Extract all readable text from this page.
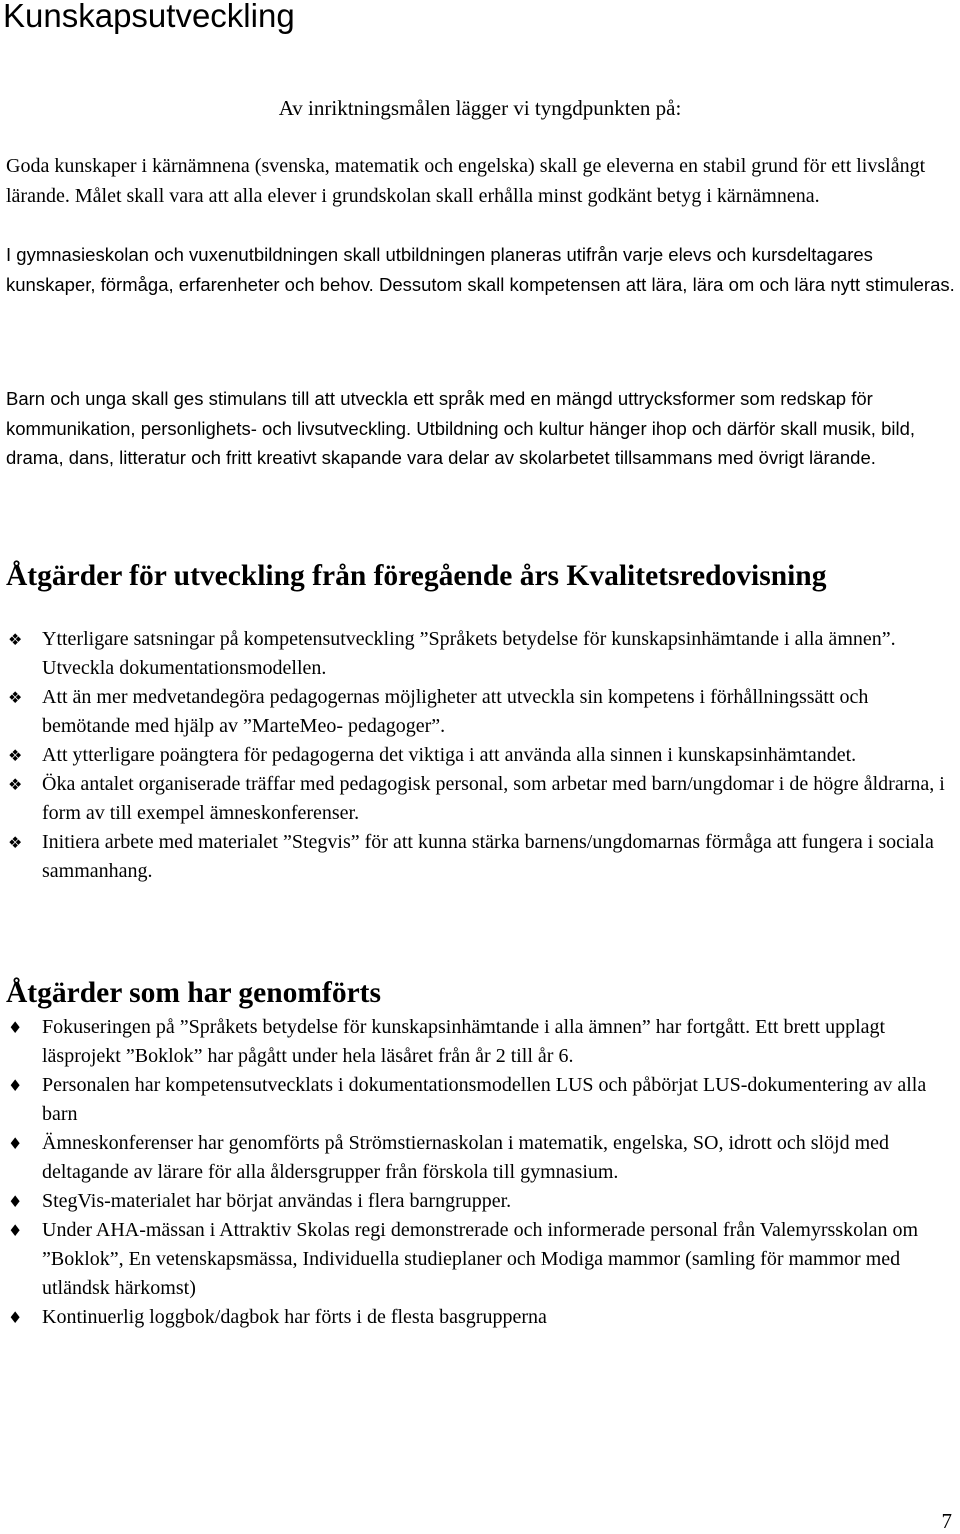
Kunskapsutveckling

Av inriktningsmålen lägger vi tyngdpunkten på:

Goda kunskaper i kärnämnena (svenska, matematik och engelska) skall ge eleverna en stabil grund för ett livslångt lärande. Målet skall vara att alla elever i grundskolan skall erhålla minst godkänt betyg i kärnämnena.

I gymnasieskolan och vuxenutbildningen skall utbildningen planeras utifrån varje elevs och kursdeltagares kunskaper, förmåga, erfarenheter och behov. Dessutom skall kompetensen att lära, lära om och lära nytt stimuleras.

Barn och unga skall ges stimulans till att utveckla ett språk med en mängd uttrycksformer som redskap för kommunikation, personlighets- och livsutveckling. Utbildning och kultur hänger ihop och därför skall musik, bild, drama, dans, litteratur och fritt kreativt skapande vara delar av skolarbetet tillsammans med övrigt lärande.

Åtgärder för utveckling från föregående års Kvalitetsredovisning
❖ Ytterligare satsningar på kompetensutveckling ”Språkets betydelse för kunskapsinhämtande i alla ämnen”. Utveckla dokumentationsmodellen.
❖ Att än mer medvetandegöra pedagogernas möjligheter att utveckla sin kompetens i förhållningssätt och bemötande med hjälp av ”MarteMeo- pedagoger”.
❖ Att ytterligare poängtera för pedagogerna det viktiga i att använda alla sinnen i kunskapsinhämtandet.
❖ Öka antalet organiserade träffar med pedagogisk personal, som arbetar med barn/ungdomar i de högre åldrarna, i form av till exempel ämneskonferenser.
❖ Initiera arbete med materialet ”Stegvis” för att kunna stärka barnens/ungdomarnas förmåga att fungera i sociala sammanhang.
Åtgärder som har genomförts
♦ Fokuseringen på ”Språkets betydelse för kunskapsinhämtande i alla ämnen” har fortgått. Ett brett upplagt läsprojekt ”Boklok” har pågått under hela läsåret från år 2 till år 6.
♦ Personalen har kompetensutvecklats i dokumentationsmodellen LUS och påbörjat LUS-dokumentering av alla barn
♦ Ämneskonferenser har genomförts på Strömstiernaskolan i matematik, engelska, SO, idrott och slöjd med deltagande av lärare för alla åldersgrupper från förskola till gymnasium.
♦ StegVis-materialet har börjat användas i flera barngrupper.
♦ Under AHA-mässan i Attraktiv Skolas regi demonstrerade och informerade personal från Valemyrsskolan om ”Boklok”, En vetenskapsmässa, Individuella studieplaner och Modiga mammor (samling för mammor med utländsk härkomst)
♦ Kontinuerlig loggbok/dagbok har förts i de flesta basgrupperna

7
